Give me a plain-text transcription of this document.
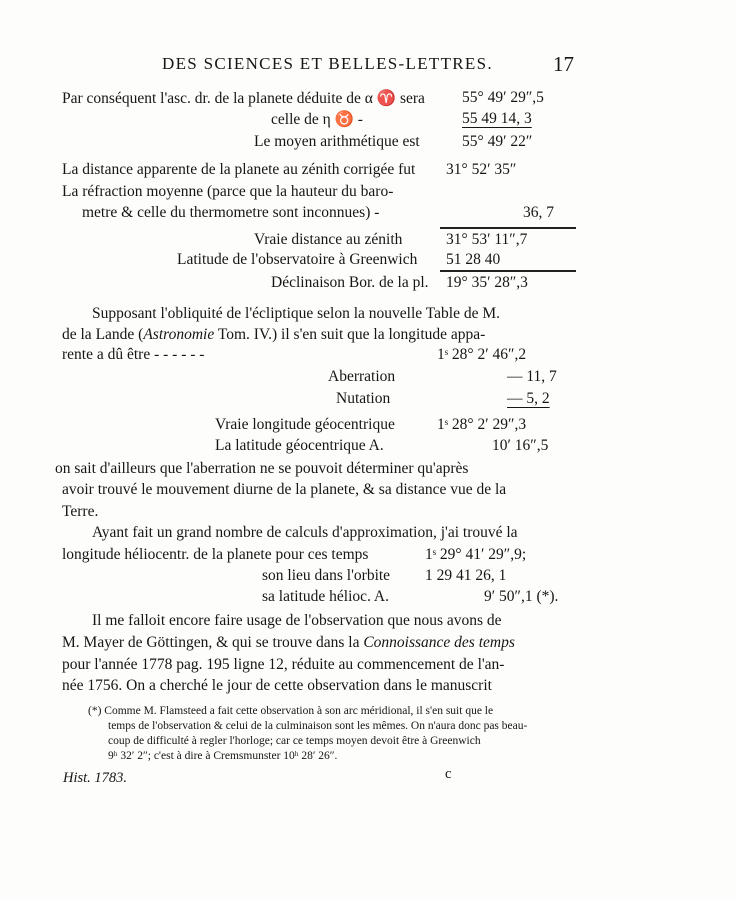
DES SCIENCES ET BELLES-LETTRES.	17
Par conséquent l'asc. dr. de la planete déduite de α ♈ sera 55° 49′ 29″,5
celle de η ♉ -	55 49 14, 3
Le moyen arithmétique est	55° 49′ 22″
La distance apparente de la planete au zénith corrigée fut 31° 52′ 35″
La réfraction moyenne (parce que la hauteur du baro-
metre & celle du thermometre sont inconnues) -	36, 7
Vraie distance au zénith	31° 53′ 11″,7
Latitude de l'observatoire à Greenwich 51 28 40
Déclinaison Bor. de la pl. 19° 35′ 28″,3
Supposant l'obliquité de l'écliptique selon la nouvelle Table de M.
de la Lande (Astronomie Tom. IV.) il s'en suit que la longitude appa-
rente a dû être - - - - - -	1ˢ 28° 2′ 46″,2
Aberration	— 11, 7
Nutation	— 5, 2
Vraie longitude géocentrique	1ˢ 28° 2′ 29″,3
La latitude géocentrique A.	10′ 16″,5
on sait d'ailleurs que l'aberration ne se pouvoit déterminer qu'après
avoir trouvé le mouvement diurne de la planete, & sa distance vue de la
Terre.
Ayant fait un grand nombre de calculs d'approximation, j'ai trouvé la
longitude héliocentr. de la planete pour ces temps	1ˢ 29° 41′ 29″,9;
son lieu dans l'orbite 1 29 41 26, 1
sa latitude hélioc. A.	9′ 50″,1 (*).
Il me falloit encore faire usage de l'observation que nous avons de
M. Mayer de Göttingen, & qui se trouve dans la Connoissance des temps
pour l'année 1778 pag. 195 ligne 12, réduite au commencement de l'an-
née 1756. On a cherché le jour de cette observation dans le manuscrit
(*) Comme M. Flamsteed a fait cette observation à son arc méridional, il s'en suit que le
temps de l'observation & celui de la culminaison sont les mêmes. On n'aura donc pas beau-
coup de difficulté à regler l'horloge; car ce temps moyen devoit être à Greenwich
9ʰ 32′ 2″; c'est à dire à Cremsmunster 10ʰ 28′ 26″.
Hist. 1783.	c
